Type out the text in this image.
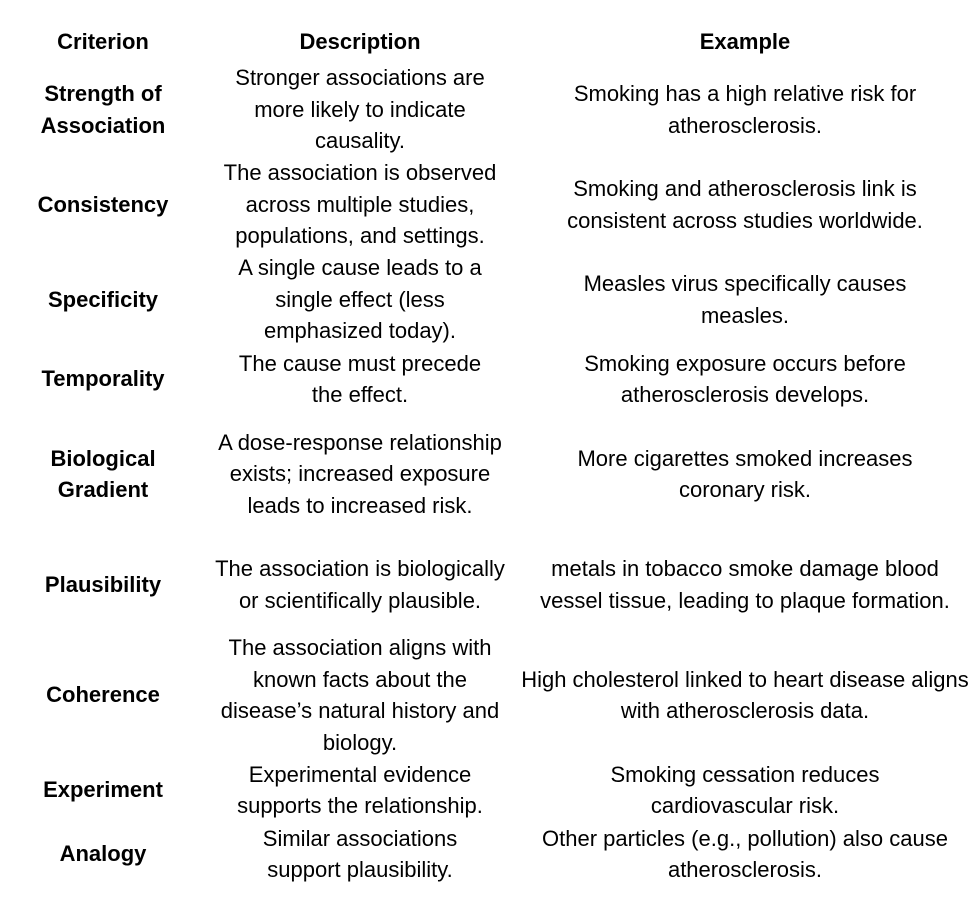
Criterion	Description	Example
Strength of Association
Stronger associations are more likely to indicate causality.
Smoking has a high relative risk for atherosclerosis.
Consistency
The association is observed across multiple studies, populations, and settings.
Smoking and atherosclerosis link is consistent across studies worldwide.
Specificity
A single cause leads to a single effect (less emphasized today).
Measles virus specifically causes measles.
Temporality
The cause must precede the effect.
Smoking exposure occurs before atherosclerosis develops.
Biological Gradient
A dose-response relationship exists; increased exposure leads to increased risk.
More cigarettes smoked increases coronary risk.
Plausibility
The association is biologically or scientifically plausible.
metals in tobacco smoke damage blood vessel tissue, leading to plaque formation.
Coherence
The association aligns with known facts about the disease’s natural history and biology.
High cholesterol linked to heart disease aligns with atherosclerosis data.
Experiment
Experimental evidence supports the relationship.
Smoking cessation reduces cardiovascular risk.
Analogy
Similar associations support plausibility.
Other particles (e.g., pollution) also cause atherosclerosis.
